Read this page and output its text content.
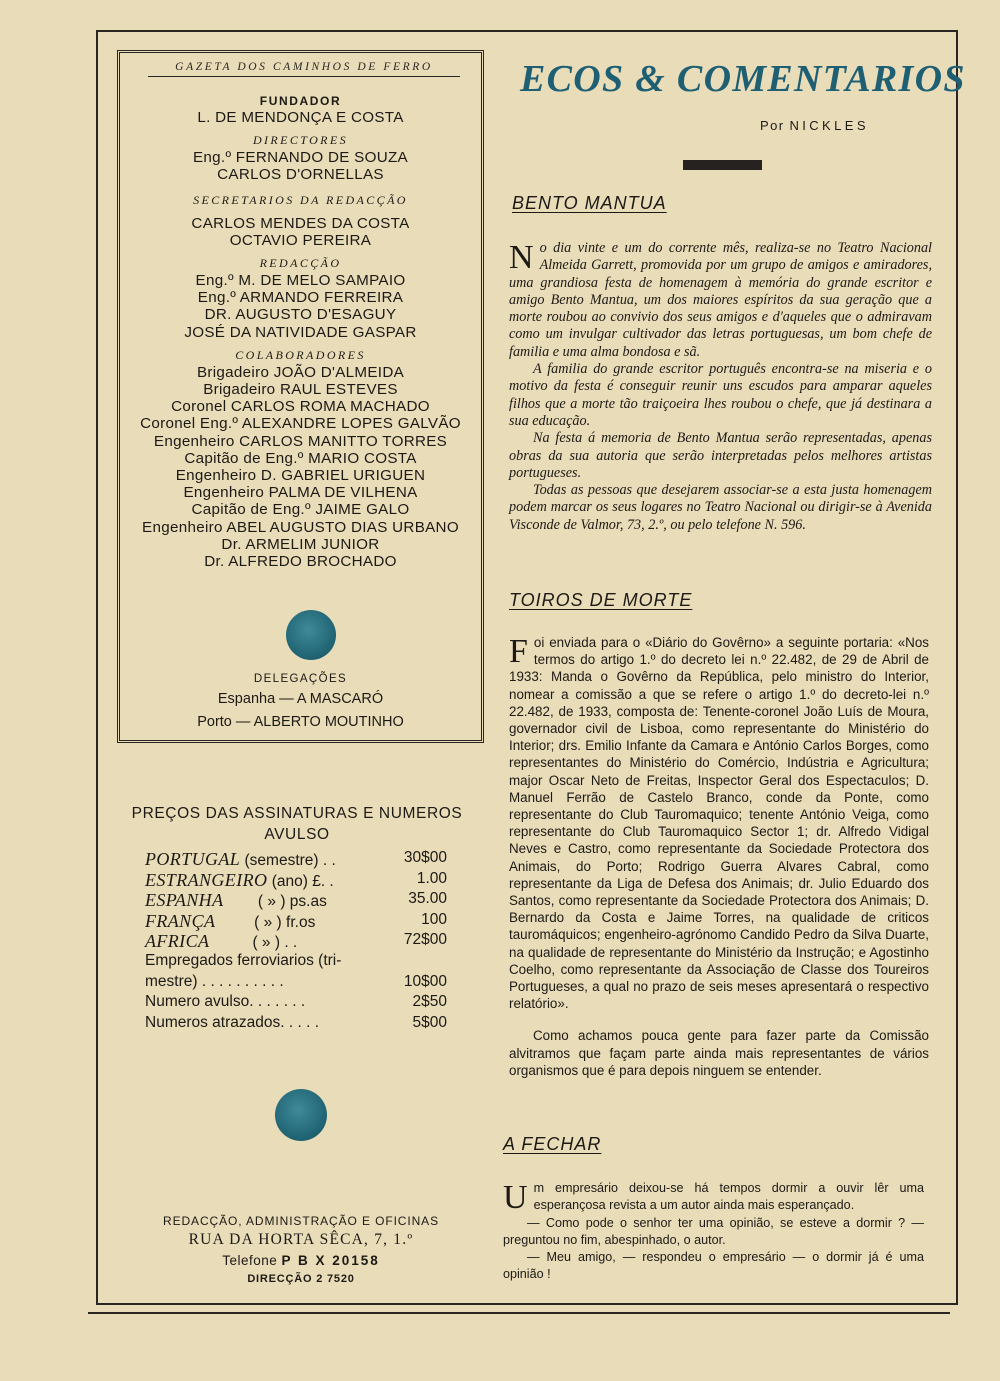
GAZETA DOS CAMINHOS DE FERRO
FUNDADOR
L. DE MENDONÇA E COSTA
DIRECTORES
Eng.º FERNANDO DE SOUZA
CARLOS D'ORNELLAS
SECRETARIOS DA REDACÇÃO
CARLOS MENDES DA COSTA
OCTAVIO PEREIRA
REDACÇÃO
Eng.º M. DE MELO SAMPAIO
Eng.º ARMANDO FERREIRA
DR. AUGUSTO D'ESAGUY
JOSÉ DA NATIVIDADE GASPAR
COLABORADORES
Brigadeiro JOÃO D'ALMEIDA
Brigadeiro RAUL ESTEVES
Coronel CARLOS ROMA MACHADO
Coronel Eng.º ALEXANDRE LOPES GALVÃO
Engenheiro CARLOS MANITTO TORRES
Capitão de Eng.º MARIO COSTA
Engenheiro D. GABRIEL URIGUEN
Engenheiro PALMA DE VILHENA
Capitão de Eng.º JAIME GALO
Engenheiro ABEL AUGUSTO DIAS URBANO
Dr. ARMELIM JUNIOR
Dr. ALFREDO BROCHADO
DELEGAÇÕES
Espanha — A MASCARÓ
Porto — ALBERTO MOUTINHO
PREÇOS DAS ASSINATURAS E NUMEROS AVULSO
PORTUGAL (semestre) . .	30$00
ESTRANGEIRO (ano) £. .	1.00
ESPANHA        ( » ) ps.as	35.00
FRANÇA         ( » ) fr.os	100
AFRICA          ( » ) . .	72$00
Empregados ferroviarios (tri-
mestre) . . . . . . . . . .	10$00
Numero avulso. . . . . . .	2$50
Numeros atrazados. . . . .	5$00
REDACÇÃO, ADMINISTRAÇÃO E OFICINAS
RUA DA HORTA SÊCA, 7, 1.º
Telefone P B X 20158
DIRECÇÃO 2 7520
ECOS & COMENTARIOS
Por NICKLES
BENTO MANTUA

No dia vinte e um do corrente mês, realiza-se no Teatro Nacional Almeida Garrett, promovida por um grupo de amigos e amiradores, uma grandiosa festa de homenagem à memória do grande escritor e amigo Bento Mantua, um dos maiores espíritos da sua geração que a morte roubou ao convivio dos seus amigos e d'aqueles que o admiravam como um invulgar cultivador das letras portuguesas, um bom chefe de familia e uma alma bondosa e sã.

A familia do grande escritor português encontra-se na miseria e o motivo da festa é conseguir reunir uns escudos para amparar aqueles filhos que a morte tão traiçoeira lhes roubou o chefe, que já destinara a sua educação.

Na festa á memoria de Bento Mantua serão representadas, apenas obras da sua autoria que serão interpretadas pelos melhores artistas portugueses.

Todas as pessoas que desejarem associar-se a esta justa homenagem podem marcar os seus logares no Teatro Nacional ou dirigir-se à Avenida Visconde de Valmor, 73, 2.º, ou pelo telefone N. 596.

TOIROS DE MORTE

Foi enviada para o «Diário do Govêrno» a seguinte portaria: «Nos termos do artigo 1.º do decreto lei n.º 22.482, de 29 de Abril de 1933: Manda o Govêrno da República, pelo ministro do Interior, nomear a comissão a que se refere o artigo 1.º do decreto-lei n.º 22.482, de 1933, composta de: Tenente-coronel João Luís de Moura, governador civil de Lisboa, como representante do Ministério do Interior; drs. Emilio Infante da Camara e António Carlos Borges, como representantes do Ministério do Comércio, Indústria e Agricultura; major Oscar Neto de Freitas, Inspector Geral dos Espectaculos; D. Manuel Ferrão de Castelo Branco, conde da Ponte, como representante do Club Tauromaquico; tenente António Veiga, como representante do Club Tauromaquico Sector 1; dr. Alfredo Vidigal Neves e Castro, como representante da Sociedade Protectora dos Animais, do Porto; Rodrigo Guerra Alvares Cabral, como representante da Liga de Defesa dos Animais; dr. Julio Eduardo dos Santos, como representante da Sociedade Protectora dos Animais; D. Bernardo da Costa e Jaime Torres, na qualidade de criticos tauromáquicos; engenheiro-agrónomo Candido Pedro da Silva Duarte, na qualidade de representante do Ministério da Instrução; e Agostinho Coelho, como representante da Associação de Classe dos Toureiros Portugueses, a qual no prazo de seis meses apresentará o respectivo relatório».

Como achamos pouca gente para fazer parte da Comissão alvitramos que façam parte ainda mais representantes de vários organismos que é para depois ninguem se entender.

A FECHAR

Um empresário deixou-se há tempos dormir a ouvir lêr uma esperançosa revista a um autor ainda mais esperançado.

— Como pode o senhor ter uma opinião, se esteve a dormir ? — preguntou no fim, abespinhado, o autor.

— Meu amigo, — respondeu o empresário — o dormir já é uma opinião !
